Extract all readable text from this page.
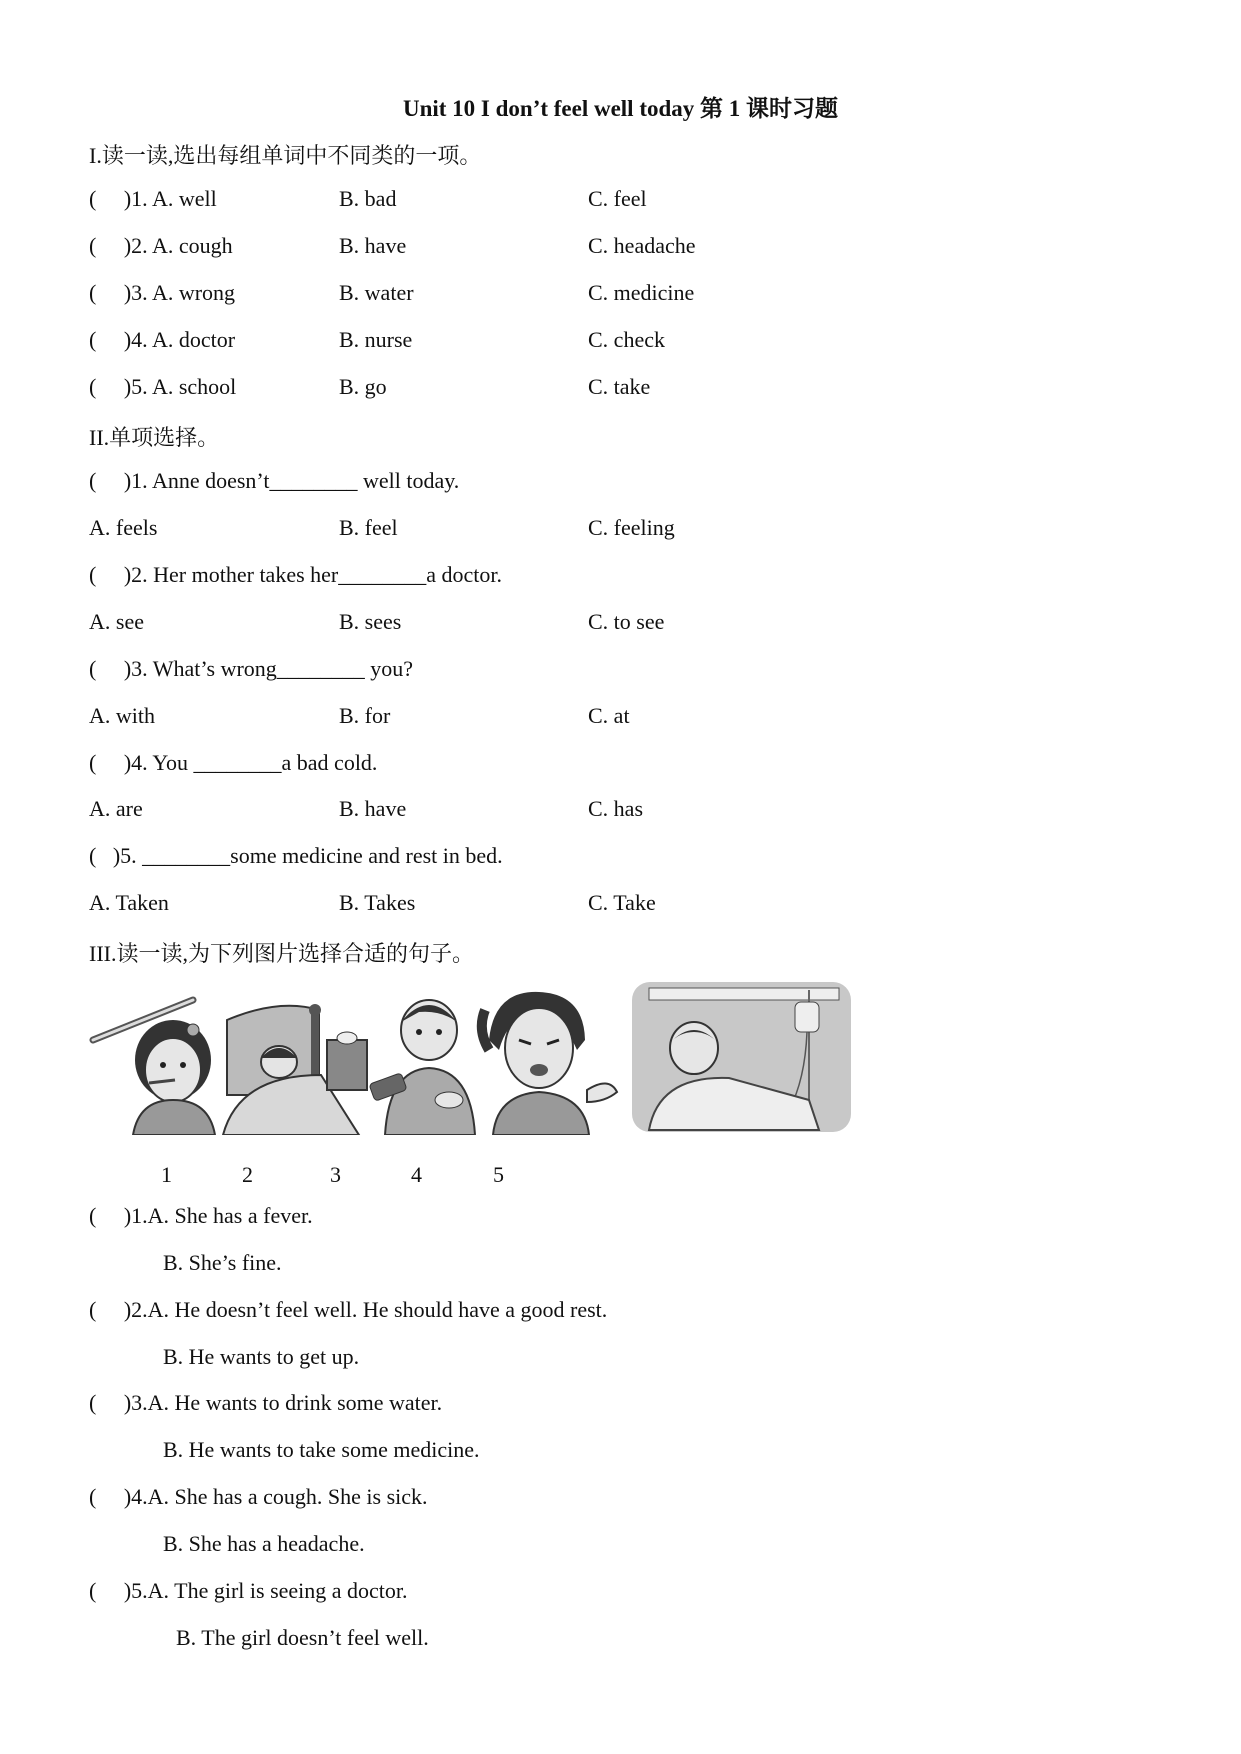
Unit 10 I don’t feel well today 第 1 课时习题
I.读一读,选出每组单词中不同类的一项。
(     )1. A. well	B. bad	C. feel
(     )2. A. cough	B. have	C. headache
(     )3. A. wrong	B. water	C. medicine
(     )4. A. doctor	B. nurse	C. check
(     )5. A. school	B. go	C. take
II.单项选择。
(     )1. Anne doesn’t________ well today.
A. feels	B. feel	C. feeling
(     )2. Her mother takes her________a doctor.
A. see	B. sees	C. to see
(     )3. What’s wrong________ you?
A. with	B. for	C. at
(     )4. You ________a bad cold.
A. are	B. have	C. has
(   )5. ________some medicine and rest in bed.
A. Taken	B. Takes	C. Take
III.读一读,为下列图片选择合适的句子。
1	2	3	4	5
(     )1.A. She has a fever.
B. She’s fine.
(     )2.A. He doesn’t feel well. He should have a good rest.
B. He wants to get up.
(     )3.A. He wants to drink some water.
B. He wants to take some medicine.
(     )4.A. She has a cough. She is sick.
B. She has a headache.
(     )5.A. The girl is seeing a doctor.
B. The girl doesn’t feel well.
